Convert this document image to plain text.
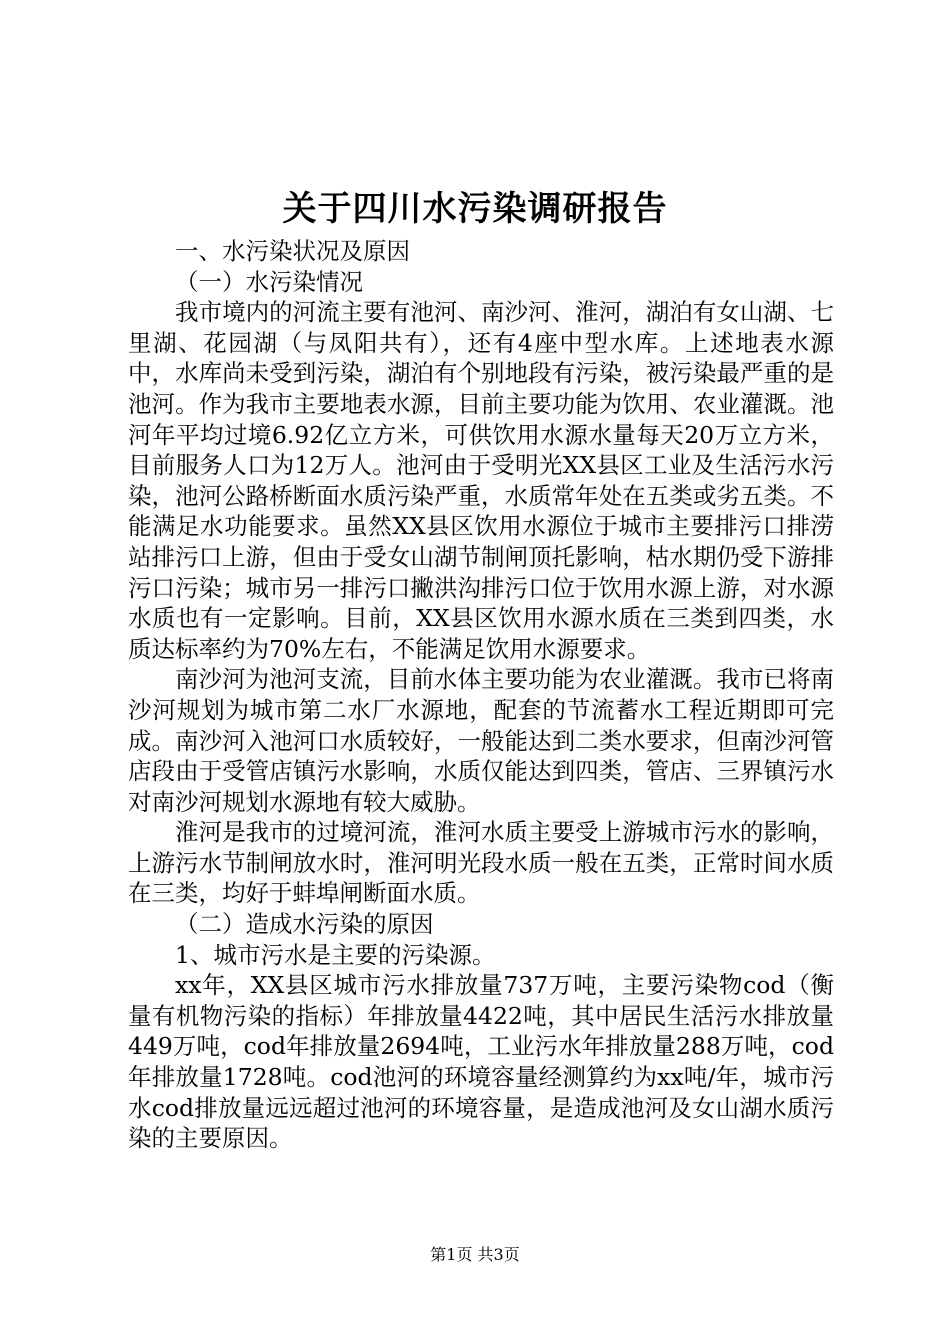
关于四川水污染调研报告

一、水污染状况及原因

（一）水污染情况

我市境内的河流主要有池河、南沙河、淮河，湖泊有女山湖、七里湖、花园湖（与凤阳共有），还有4座中型水库。上述地表水源中，水库尚未受到污染，湖泊有个别地段有污染，被污染最严重的是池河。作为我市主要地表水源，目前主要功能为饮用、农业灌溉。池河年平均过境6.92亿立方米，可供饮用水源水量每天20万立方米，目前服务人口为12万人。池河由于受明光XX县区工业及生活污水污染，池河公路桥断面水质污染严重，水质常年处在五类或劣五类。不能满足水功能要求。虽然XX县区饮用水源位于城市主要排污口排涝站排污口上游，但由于受女山湖节制闸顶托影响，枯水期仍受下游排污口污染；城市另一排污口撇洪沟排污口位于饮用水源上游，对水源水质也有一定影响。目前，XX县区饮用水源水质在三类到四类，水质达标率约为70%左右，不能满足饮用水源要求。

南沙河为池河支流，目前水体主要功能为农业灌溉。我市已将南沙河规划为城市第二水厂水源地，配套的节流蓄水工程近期即可完成。南沙河入池河口水质较好，一般能达到二类水要求，但南沙河管店段由于受管店镇污水影响，水质仅能达到四类，管店、三界镇污水对南沙河规划水源地有较大威胁。

淮河是我市的过境河流，淮河水质主要受上游城市污水的影响，上游污水节制闸放水时，淮河明光段水质一般在五类，正常时间水质在三类，均好于蚌埠闸断面水质。

（二）造成水污染的原因

1、城市污水是主要的污染源。

xx年，XX县区城市污水排放量737万吨，主要污染物cod（衡量有机物污染的指标）年排放量4422吨，其中居民生活污水排放量449万吨，cod年排放量2694吨，工业污水年排放量288万吨，cod年排放量1728吨。cod池河的环境容量经测算约为xx吨/年，城市污水cod排放量远远超过池河的环境容量，是造成池河及女山湖水质污染的主要原因。

第1页 共3页
